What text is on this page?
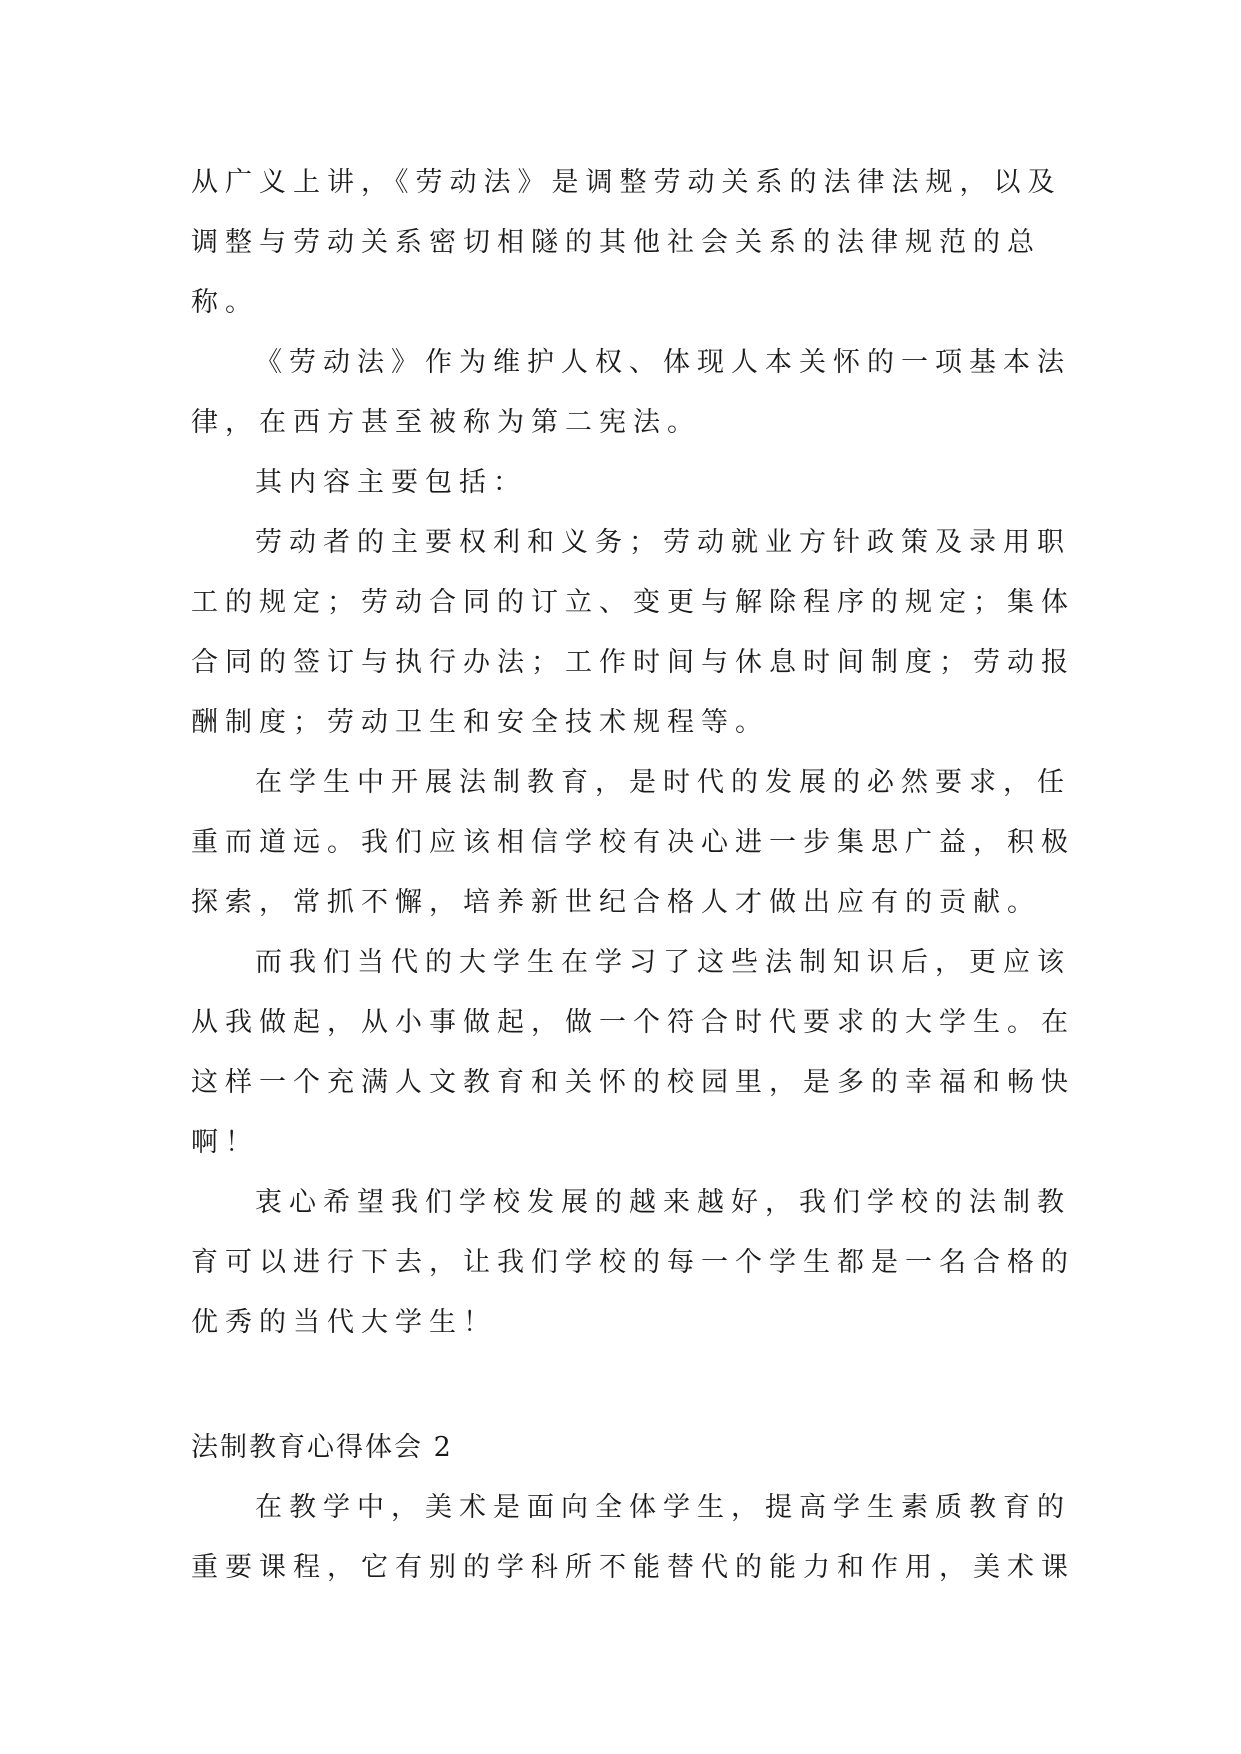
从广义上讲，《劳动法》是调整劳动关系的法律法规，以及
调整与劳动关系密切相隧的其他社会关系的法律规范的总
称。
《劳动法》作为维护人权、体现人本关怀的一项基本法
律，在西方甚至被称为第二宪法。
其内容主要包括：
劳动者的主要权利和义务；劳动就业方针政策及录用职
工的规定；劳动合同的订立、变更与解除程序的规定；集体
合同的签订与执行办法；工作时间与休息时间制度；劳动报
酬制度；劳动卫生和安全技术规程等。
在学生中开展法制教育，是时代的发展的必然要求，任
重而道远。我们应该相信学校有决心进一步集思广益，积极
探索，常抓不懈，培养新世纪合格人才做出应有的贡献。
而我们当代的大学生在学习了这些法制知识后，更应该
从我做起，从小事做起，做一个符合时代要求的大学生。在
这样一个充满人文教育和关怀的校园里，是多的幸福和畅快
啊！
衷心希望我们学校发展的越来越好，我们学校的法制教
育可以进行下去，让我们学校的每一个学生都是一名合格的
优秀的当代大学生！
法制教育心得体会 2
在教学中，美术是面向全体学生，提高学生素质教育的
重要课程，它有别的学科所不能替代的能力和作用，美术课
